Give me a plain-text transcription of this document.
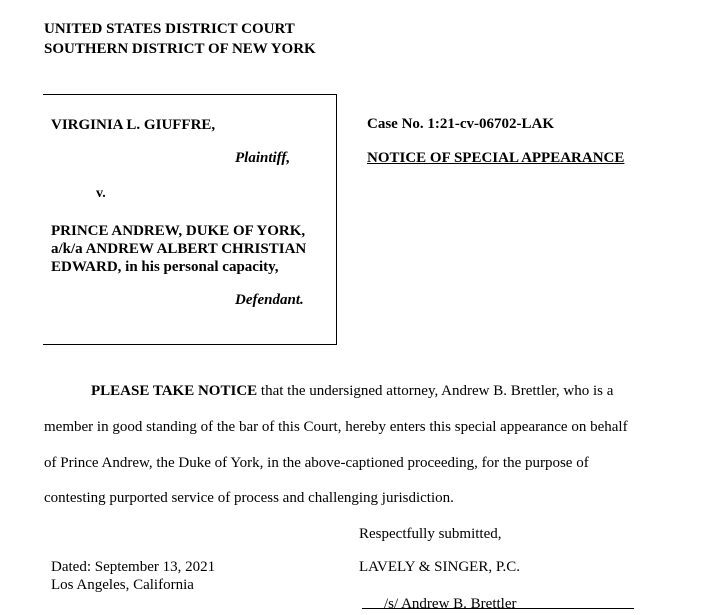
UNITED STATES DISTRICT COURT
SOUTHERN DISTRICT OF NEW YORK
VIRGINIA L. GIUFFRE,
Plaintiff,
v.
PRINCE ANDREW, DUKE OF YORK,
a/k/a ANDREW ALBERT CHRISTIAN
EDWARD, in his personal capacity,
Defendant.
Case No. 1:21-cv-06702-LAK
NOTICE OF SPECIAL APPEARANCE
PLEASE TAKE NOTICE that the undersigned attorney, Andrew B. Brettler, who is a
member in good standing of the bar of this Court, hereby enters this special appearance on behalf
of Prince Andrew, the Duke of York, in the above-captioned proceeding, for the purpose of
contesting purported service of process and challenging jurisdiction.
Respectfully submitted,
Dated: September 13, 2021
Los Angeles, California
LAVELY & SINGER, P.C.
/s/ Andrew B. Brettler
